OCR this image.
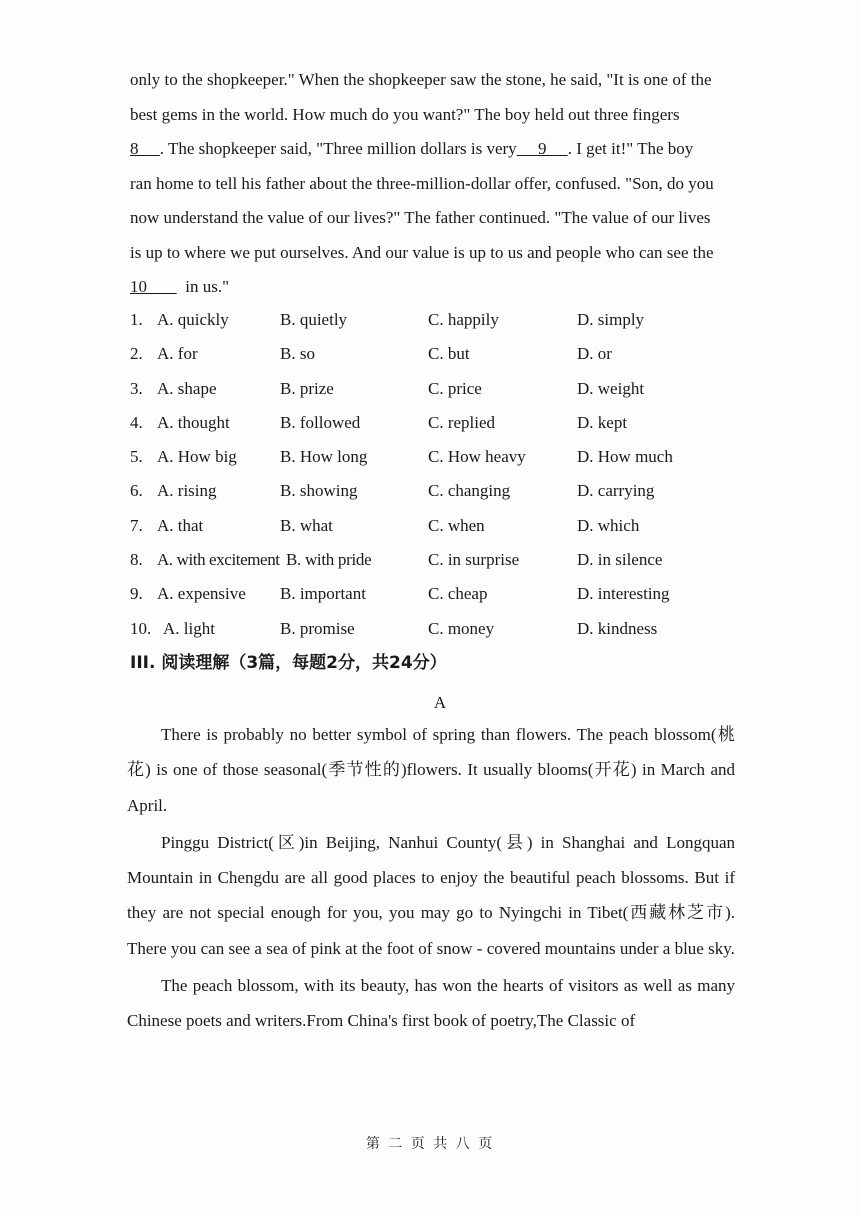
only to the shopkeeper." When the shopkeeper saw the stone, he said, "It is one of the

best gems in the world. How much do you want?" The boy held out three fingers

8 . The shopkeeper said, "Three million dollars is very 9 . I get it!" The boy

ran home to tell his father about the three-million-dollar offer, confused. "Son, do you

now understand the value of our lives?" The father continued. "The value of our lives

is up to where we put ourselves. And our value is up to us and people who can see the

10 in us."

1. A. quickly	B. quietly	C. happily	D. simply
2. A. for	B. so	C. but	D. or
3. A. shape	B. prize	C. price	D. weight
4. A. thought	B. followed	C. replied	D. kept
5. A. How big	B. How long	C. How heavy	D. How much
6. A. rising	B. showing	C. changing	D. carrying
7. A. that	B. what	C. when	D. which
8. A. with excitement B. with pride	C. in surprise	D. in silence
9. A. expensive B. important	C. cheap	D. interesting
10. A. light	B. promise	C. money	D. kindness
III. 阅读理解（3篇，每题2分，共24分）
A

There is probably no better symbol of spring than flowers. The peach blossom(桃花) is one of those seasonal(季节性的)flowers. It usually blooms(开花) in March and April.

Pinggu District(区)in Beijing, Nanhui County(县) in Shanghai and Longquan Mountain in Chengdu are all good places to enjoy the beautiful peach blossoms. But if they are not special enough for you, you may go to Nyingchi in Tibet(西藏林芝市). There you can see a sea of pink at the foot of snow - covered mountains under a blue sky.

The peach blossom, with its beauty, has won the hearts of visitors as well as many Chinese poets and writers.From China's first book of poetry,The Classic of

第 二 页 共 八 页
